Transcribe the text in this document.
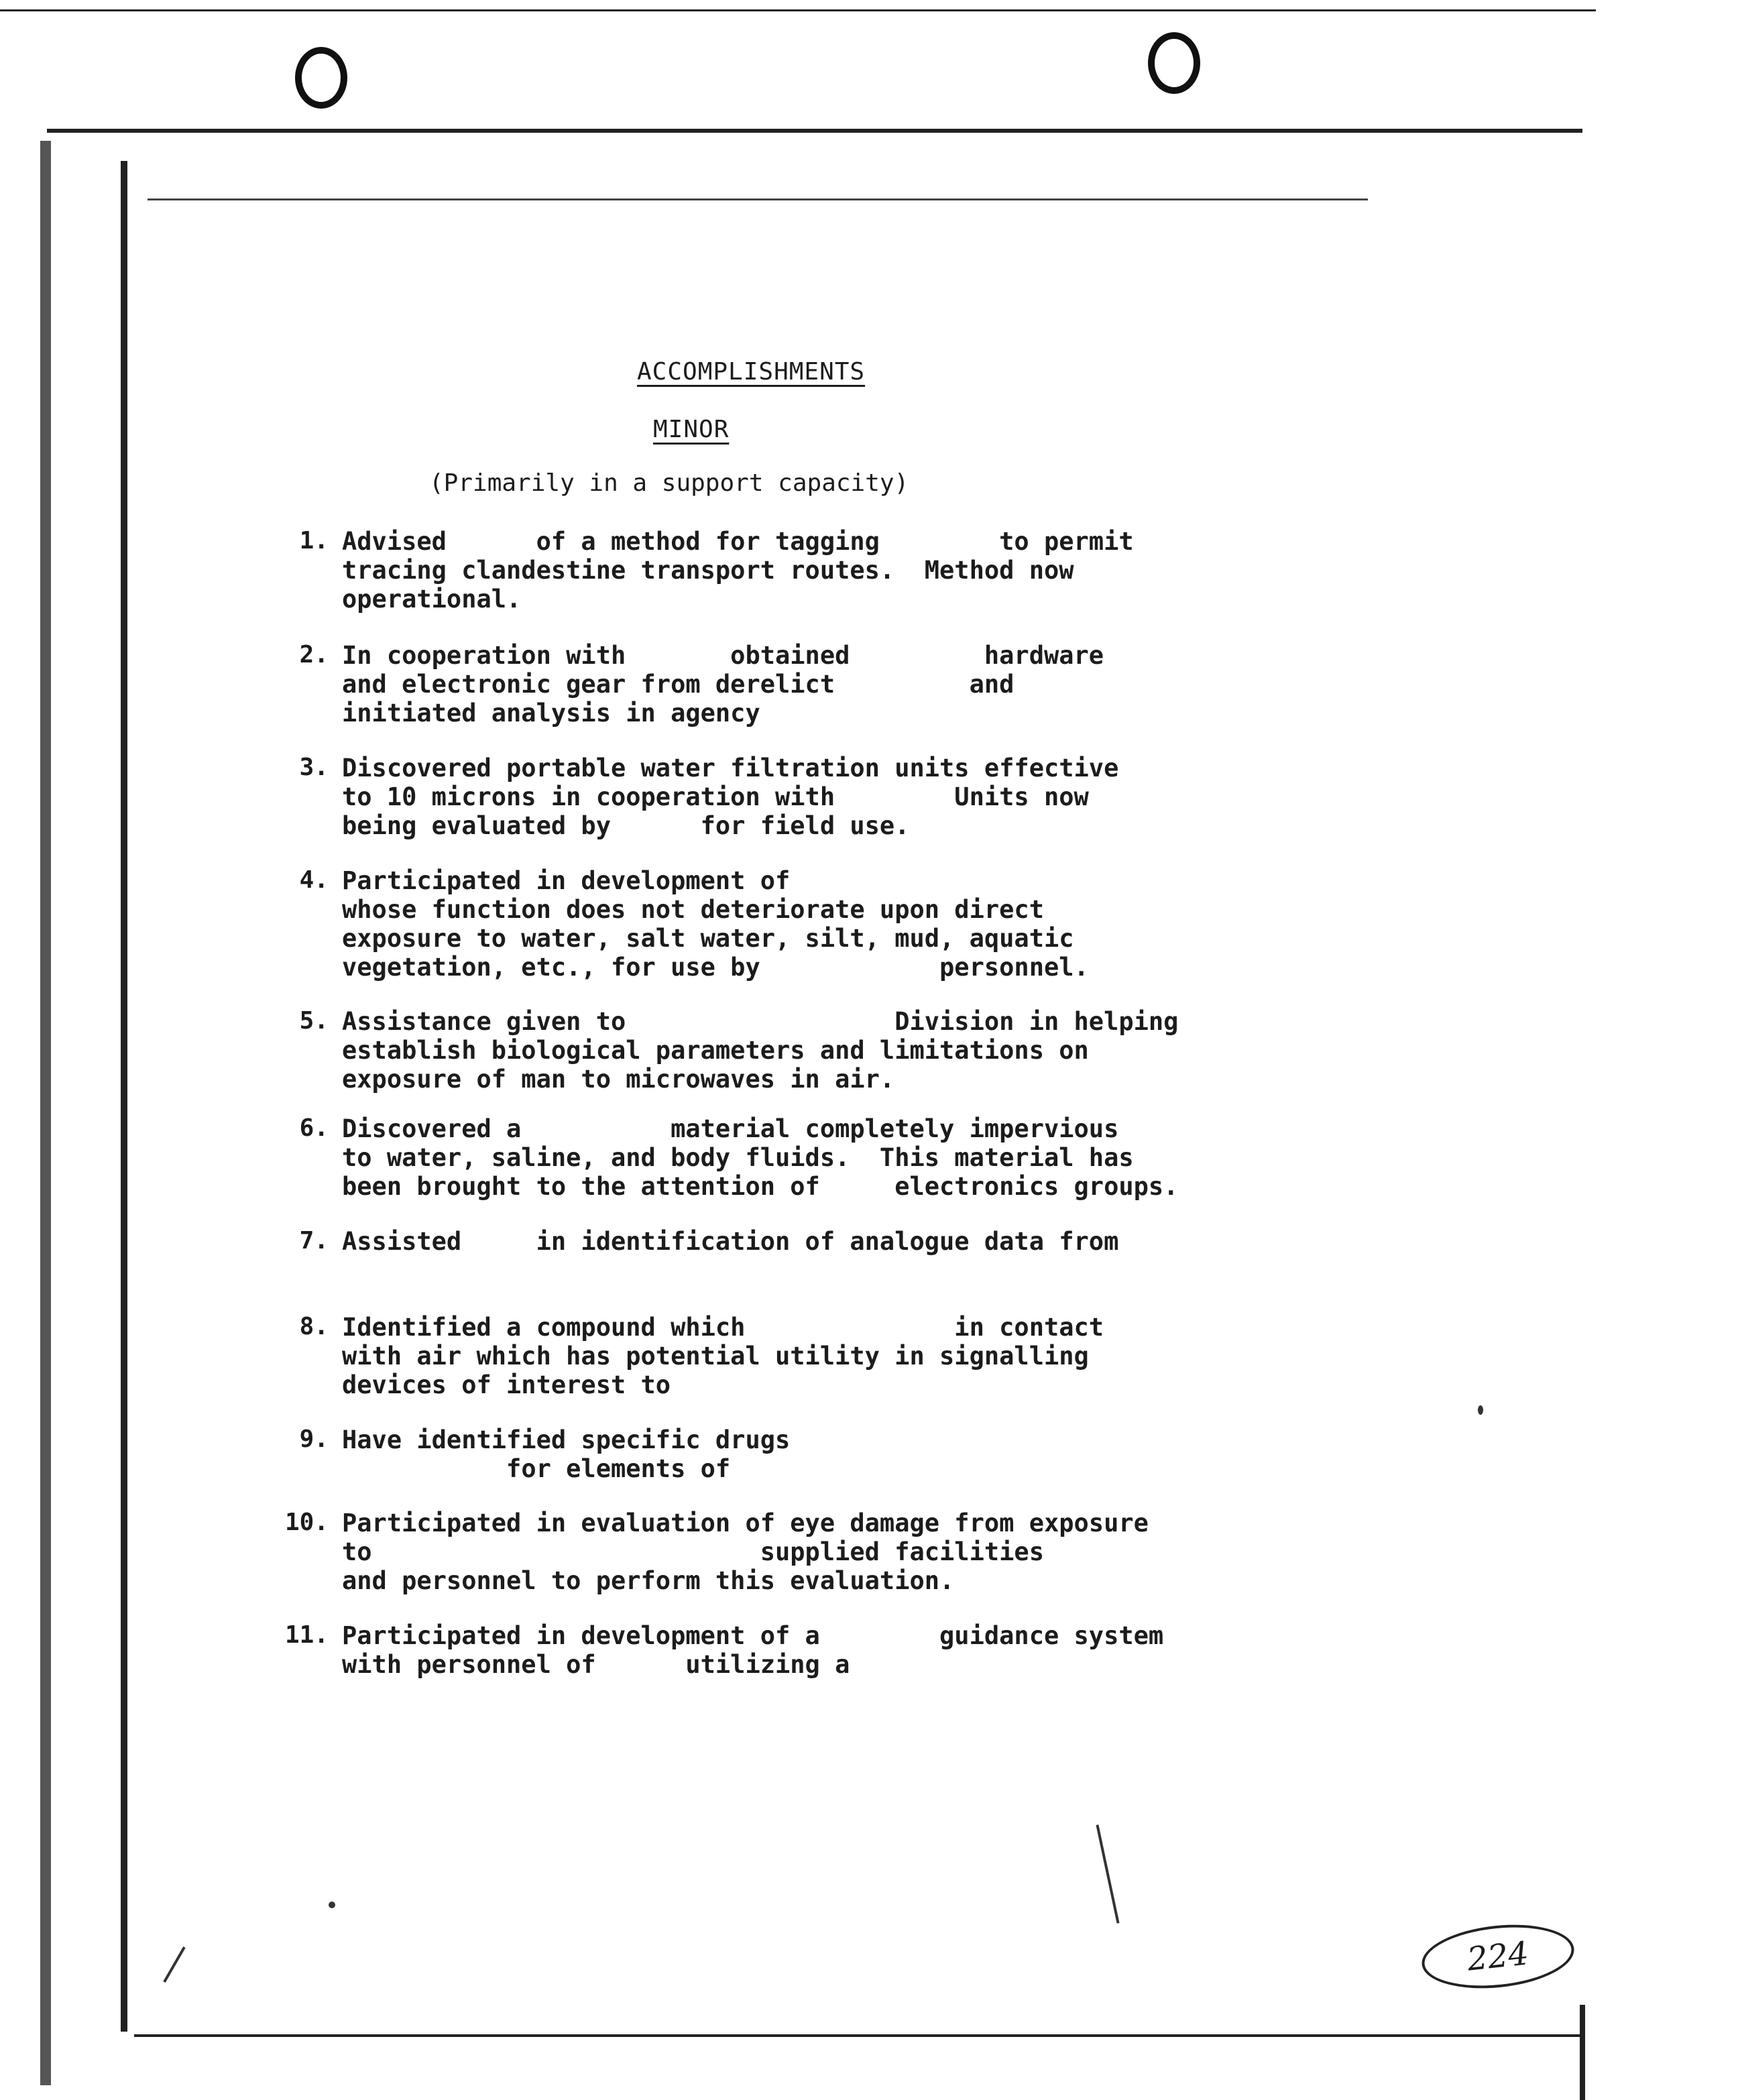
ACCOMPLISHMENTS
MINOR
(Primarily in a support capacity)
1. Advised      of a method for tagging        to permit
tracing clandestine transport routes.  Method now
operational.
2. In cooperation with       obtained         hardware
and electronic gear from derelict         and
initiated analysis in agency
3. Discovered portable water filtration units effective
to 10 microns in cooperation with        Units now
being evaluated by      for field use.
4. Participated in development of
whose function does not deteriorate upon direct
exposure to water, salt water, silt, mud, aquatic
vegetation, etc., for use by            personnel.
5. Assistance given to                  Division in helping
establish biological parameters and limitations on
exposure of man to microwaves in air.
6. Discovered a          material completely impervious
to water, saline, and body fluids.  This material has
been brought to the attention of     electronics groups.
7. Assisted     in identification of analogue data from
8. Identified a compound which              in contact
with air which has potential utility in signalling
devices of interest to
9. Have identified specific drugs
for elements of
10. Participated in evaluation of eye damage from exposure
to                          supplied facilities
and personnel to perform this evaluation.
11. Participated in development of a        guidance system
with personnel of      utilizing a
224
